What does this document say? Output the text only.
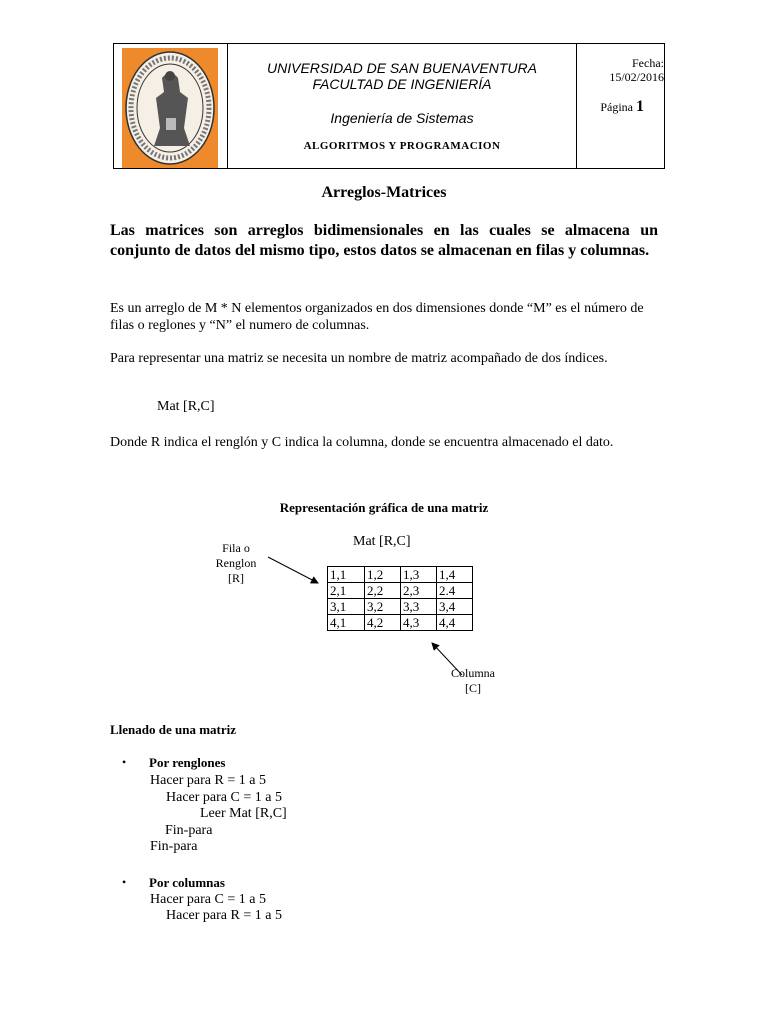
UNIVERSIDAD DE SAN BUENAVENTURA
FACULTAD DE INGENIERÍA
Ingeniería de Sistemas
ALGORITMOS Y PROGRAMACION
Fecha:
15/02/2016
Página 1
Arreglos-Matrices
Las matrices son arreglos bidimensionales en las cuales se almacena un conjunto de datos del mismo tipo, estos datos se almacenan en filas y columnas.
Es un arreglo de M * N elementos organizados en dos dimensiones donde “M” es el número de filas o reglones y “N” el numero de columnas.
Para representar una matriz se necesita un nombre de matriz acompañado de dos índices.
Mat [R,C]
Donde R indica el renglón y C indica la columna, donde se encuentra almacenado el dato.
Representación gráfica de una matriz
Mat [R,C]
Fila o
Renglon
[R]	1,1	1,2	1,3	1,4
2,1	2,2	2,3	2.4
3,1	3,2	3,3	3,4
4,1	4,2	4,3	4,4
Columna
[C]
Llenado de una matriz
• Por renglones
Hacer para R = 1 a 5
Hacer para C = 1 a 5
Leer Mat [R,C]
Fin-para
Fin-para
• Por columnas
Hacer para C = 1 a 5
Hacer para R = 1 a 5
